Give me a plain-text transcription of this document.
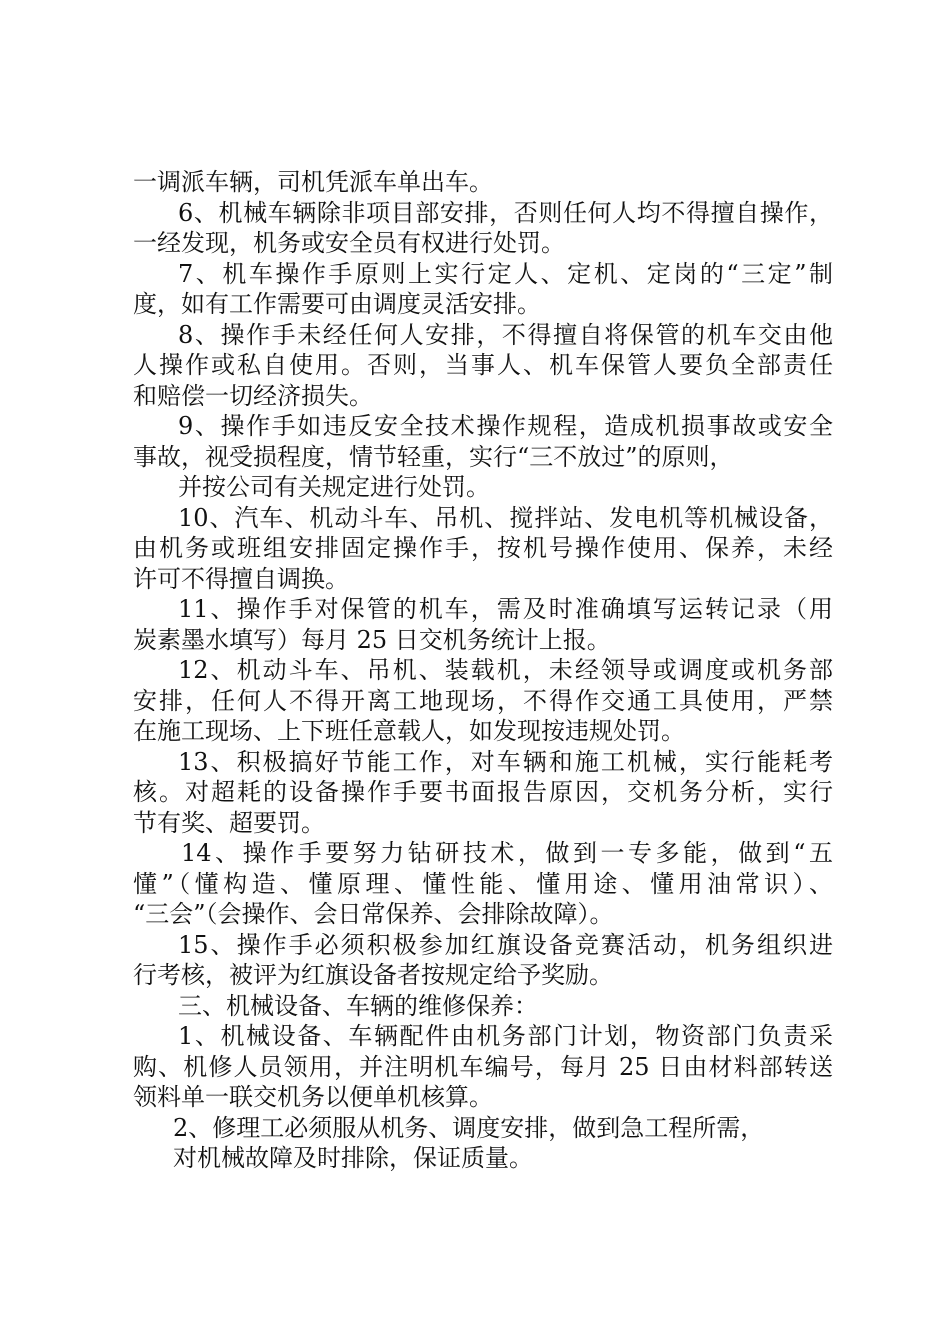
一调派车辆，司机凭派车单出车。
6、机械车辆除非项目部安排，否则任何人均不得擅自操作，
一经发现，机务或安全员有权进行处罚。
7、机车操作手原则上实行定人、定机、定岗的“三定”制
度，如有工作需要可由调度灵活安排。
8、操作手未经任何人安排，不得擅自将保管的机车交由他
人操作或私自使用。否则，当事人、机车保管人要负全部责任
和赔偿一切经济损失。
9、操作手如违反安全技术操作规程，造成机损事故或安全
事故，视受损程度，情节轻重，实行“三不放过”的原则，
并按公司有关规定进行处罚。
10、汽车、机动斗车、吊机、搅拌站、发电机等机械设备，
由机务或班组安排固定操作手，按机号操作使用、保养，未经
许可不得擅自调换。
11、操作手对保管的机车，需及时准确填写运转记录（用
炭素墨水填写）每月 25 日交机务统计上报。
12、机动斗车、吊机、装载机，未经领导或调度或机务部
安排，任何人不得开离工地现场，不得作交通工具使用，严禁
在施工现场、上下班任意载人，如发现按违规处罚。
13、积极搞好节能工作，对车辆和施工机械，实行能耗考
核。对超耗的设备操作手要书面报告原因，交机务分析，实行
节有奖、超要罚。
14、操作手要努力钻研技术，做到一专多能，做到“五
懂”（懂构造、懂原理、懂性能、懂用途、懂用油常识）、
“三会”（会操作、会日常保养、会排除故障）。
15、操作手必须积极参加红旗设备竞赛活动，机务组织进
行考核，被评为红旗设备者按规定给予奖励。
三、机械设备、车辆的维修保养：
1、机械设备、车辆配件由机务部门计划，物资部门负责采
购、机修人员领用，并注明机车编号，每月 25 日由材料部转送
领料单一联交机务以便单机核算。
2、修理工必须服从机务、调度安排，做到急工程所需，
对机械故障及时排除，保证质量。
